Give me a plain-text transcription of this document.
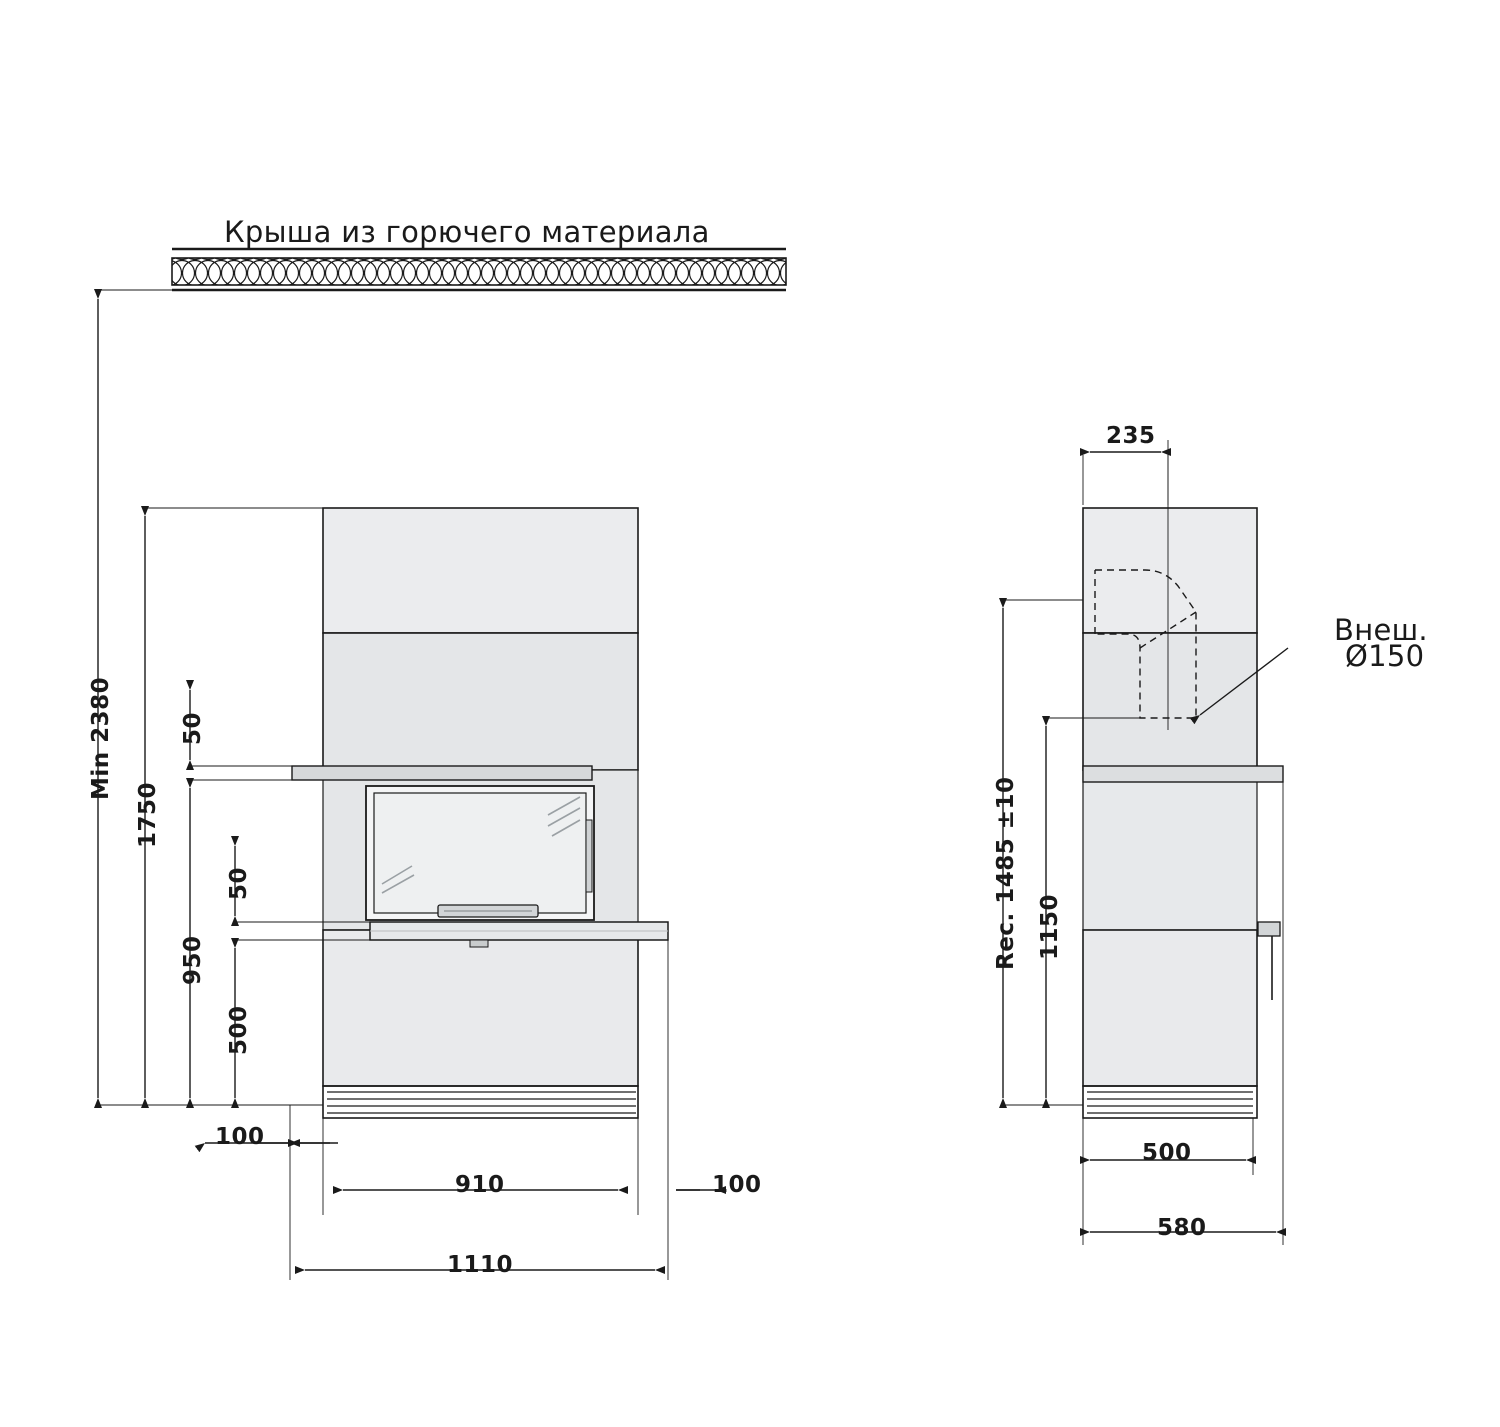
Крыша из горючего материала
Внеш.
Ø150
Min 2380
1750
50
50
950
500
100
910	100
1110
235
Rec. 1485 ±10 1150
500
580
